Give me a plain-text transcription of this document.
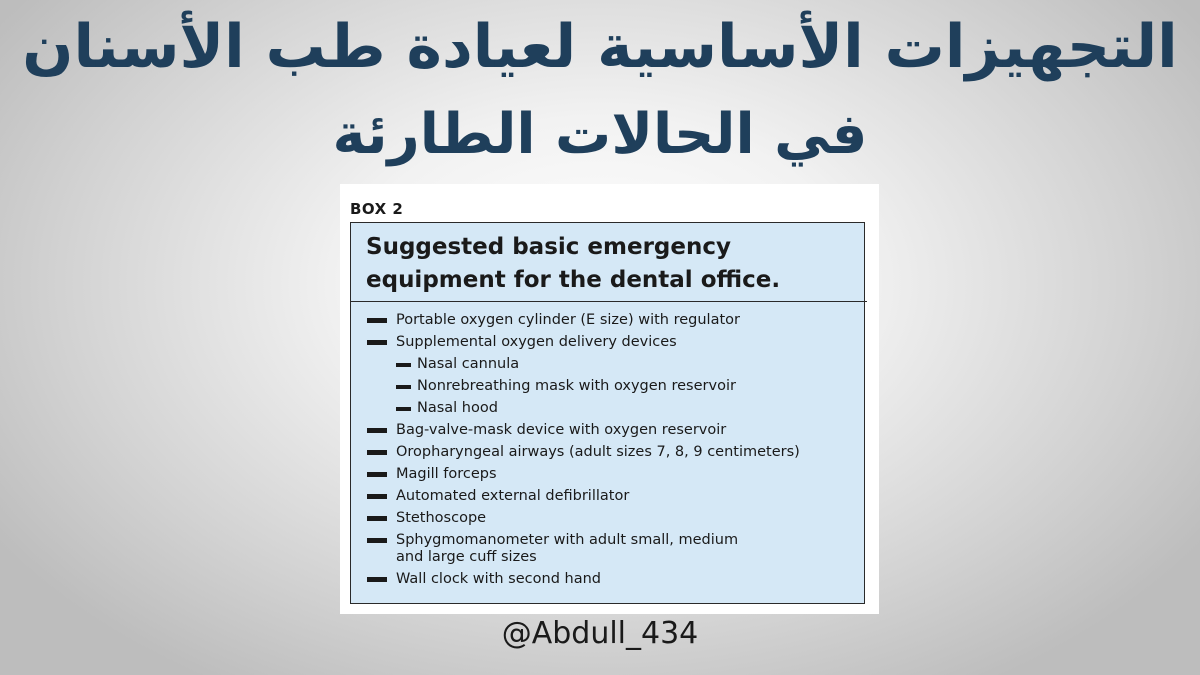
التجهيزات الأساسية لعيادة طب الأسنان
في الحالات الطارئة
BOX 2
Suggested basic emergency equipment for the dental office.
Portable oxygen cylinder (E size) with regulator
Supplemental oxygen delivery devices
Nasal cannula
Nonrebreathing mask with oxygen reservoir
Nasal hood
Bag-valve-mask device with oxygen reservoir
Oropharyngeal airways (adult sizes 7, 8, 9 centimeters)
Magill forceps
Automated external defibrillator
Stethoscope
Sphygmomanometer with adult small, medium
and large cuff sizes
Wall clock with second hand
@Abdull_434
